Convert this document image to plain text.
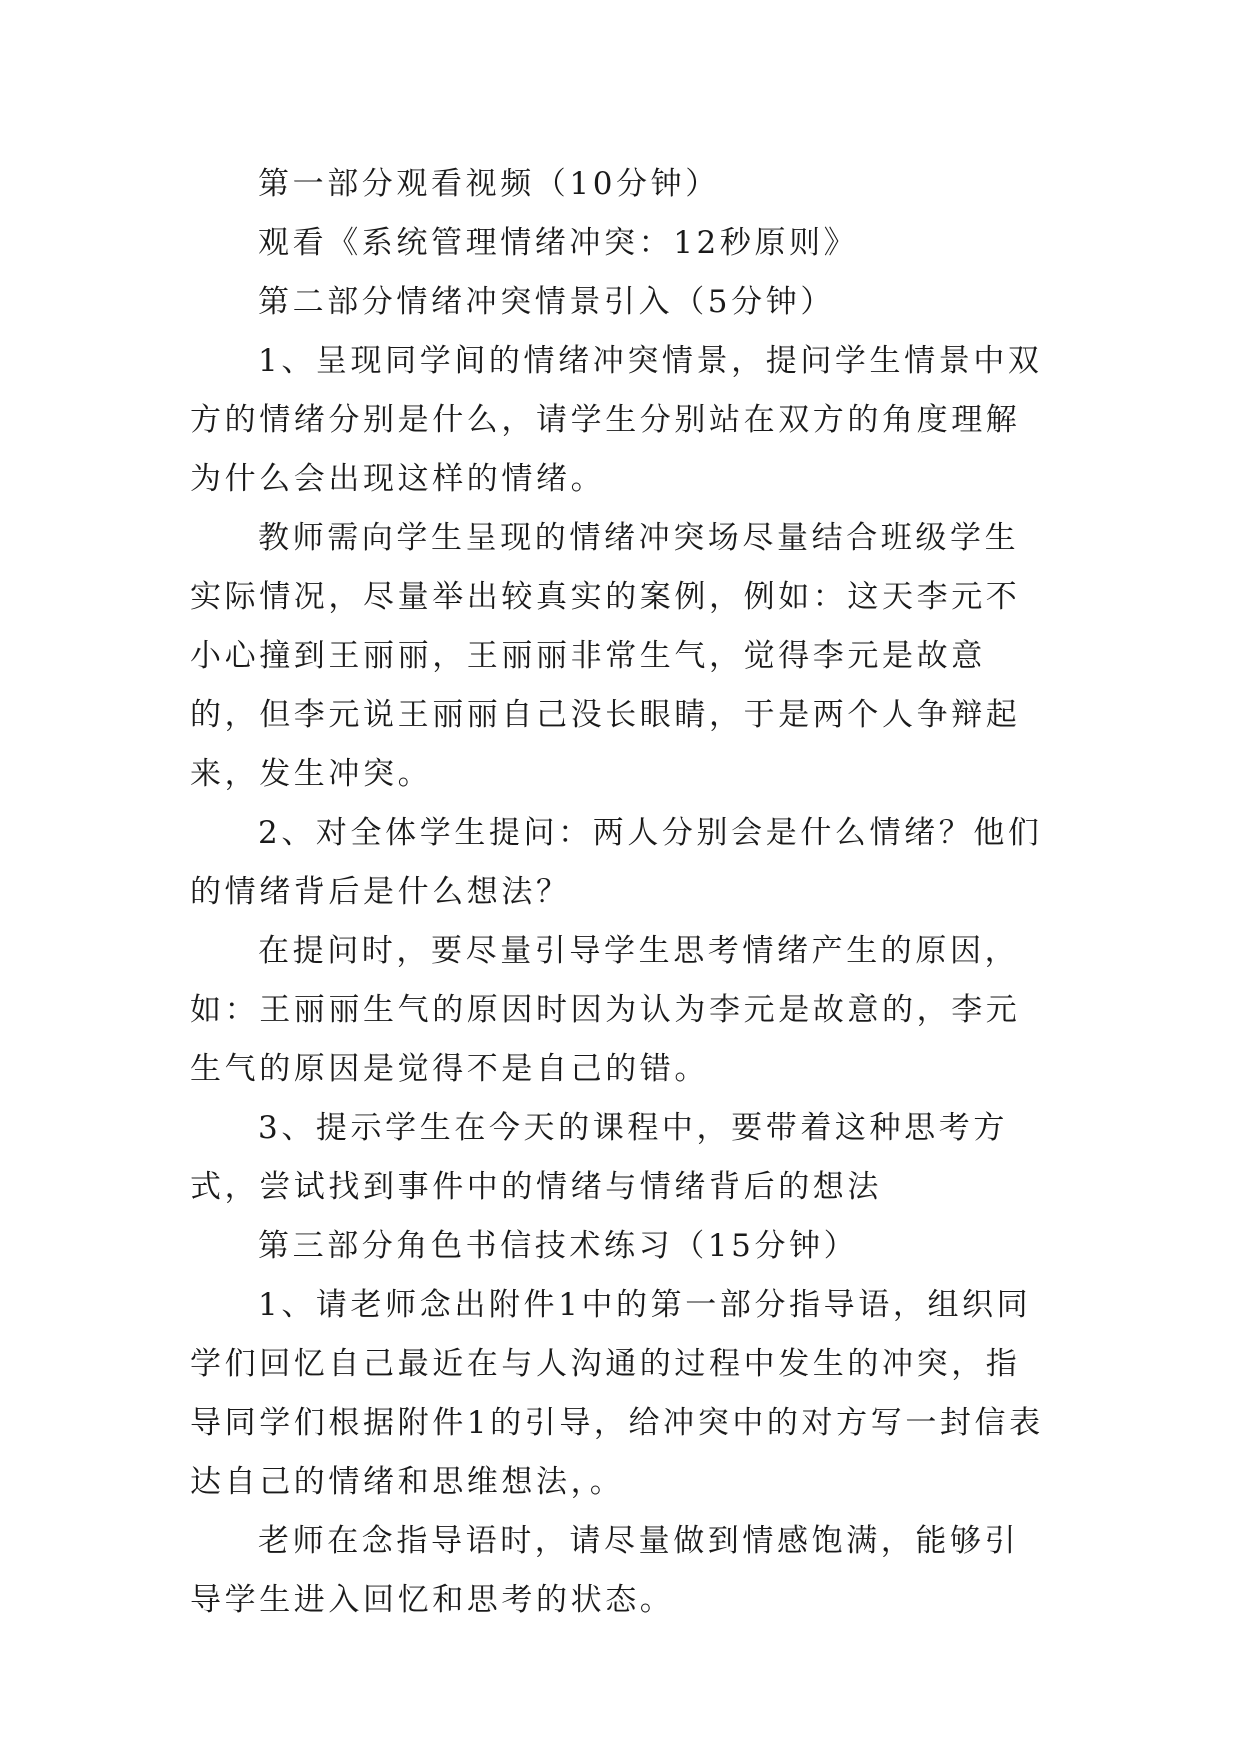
第一部分观看视频（10分钟）

观看《系统管理情绪冲突：12秒原则》

第二部分情绪冲突情景引入（5分钟）

1、呈现同学间的情绪冲突情景，提问学生情景中双方的情绪分别是什么，请学生分别站在双方的角度理解为什么会出现这样的情绪。

教师需向学生呈现的情绪冲突场尽量结合班级学生实际情况，尽量举出较真实的案例，例如：这天李元不小心撞到王丽丽，王丽丽非常生气，觉得李元是故意的，但李元说王丽丽自己没长眼睛，于是两个人争辩起来，发生冲突。

2、对全体学生提问：两人分别会是什么情绪？他们的情绪背后是什么想法？

在提问时，要尽量引导学生思考情绪产生的原因，如：王丽丽生气的原因时因为认为李元是故意的，李元生气的原因是觉得不是自己的错。

3、提示学生在今天的课程中，要带着这种思考方式，尝试找到事件中的情绪与情绪背后的想法

第三部分角色书信技术练习（15分钟）

1、请老师念出附件1中的第一部分指导语，组织同学们回忆自己最近在与人沟通的过程中发生的冲突，指导同学们根据附件1的引导，给冲突中的对方写一封信表达自己的情绪和思维想法，。

老师在念指导语时，请尽量做到情感饱满，能够引导学生进入回忆和思考的状态。
